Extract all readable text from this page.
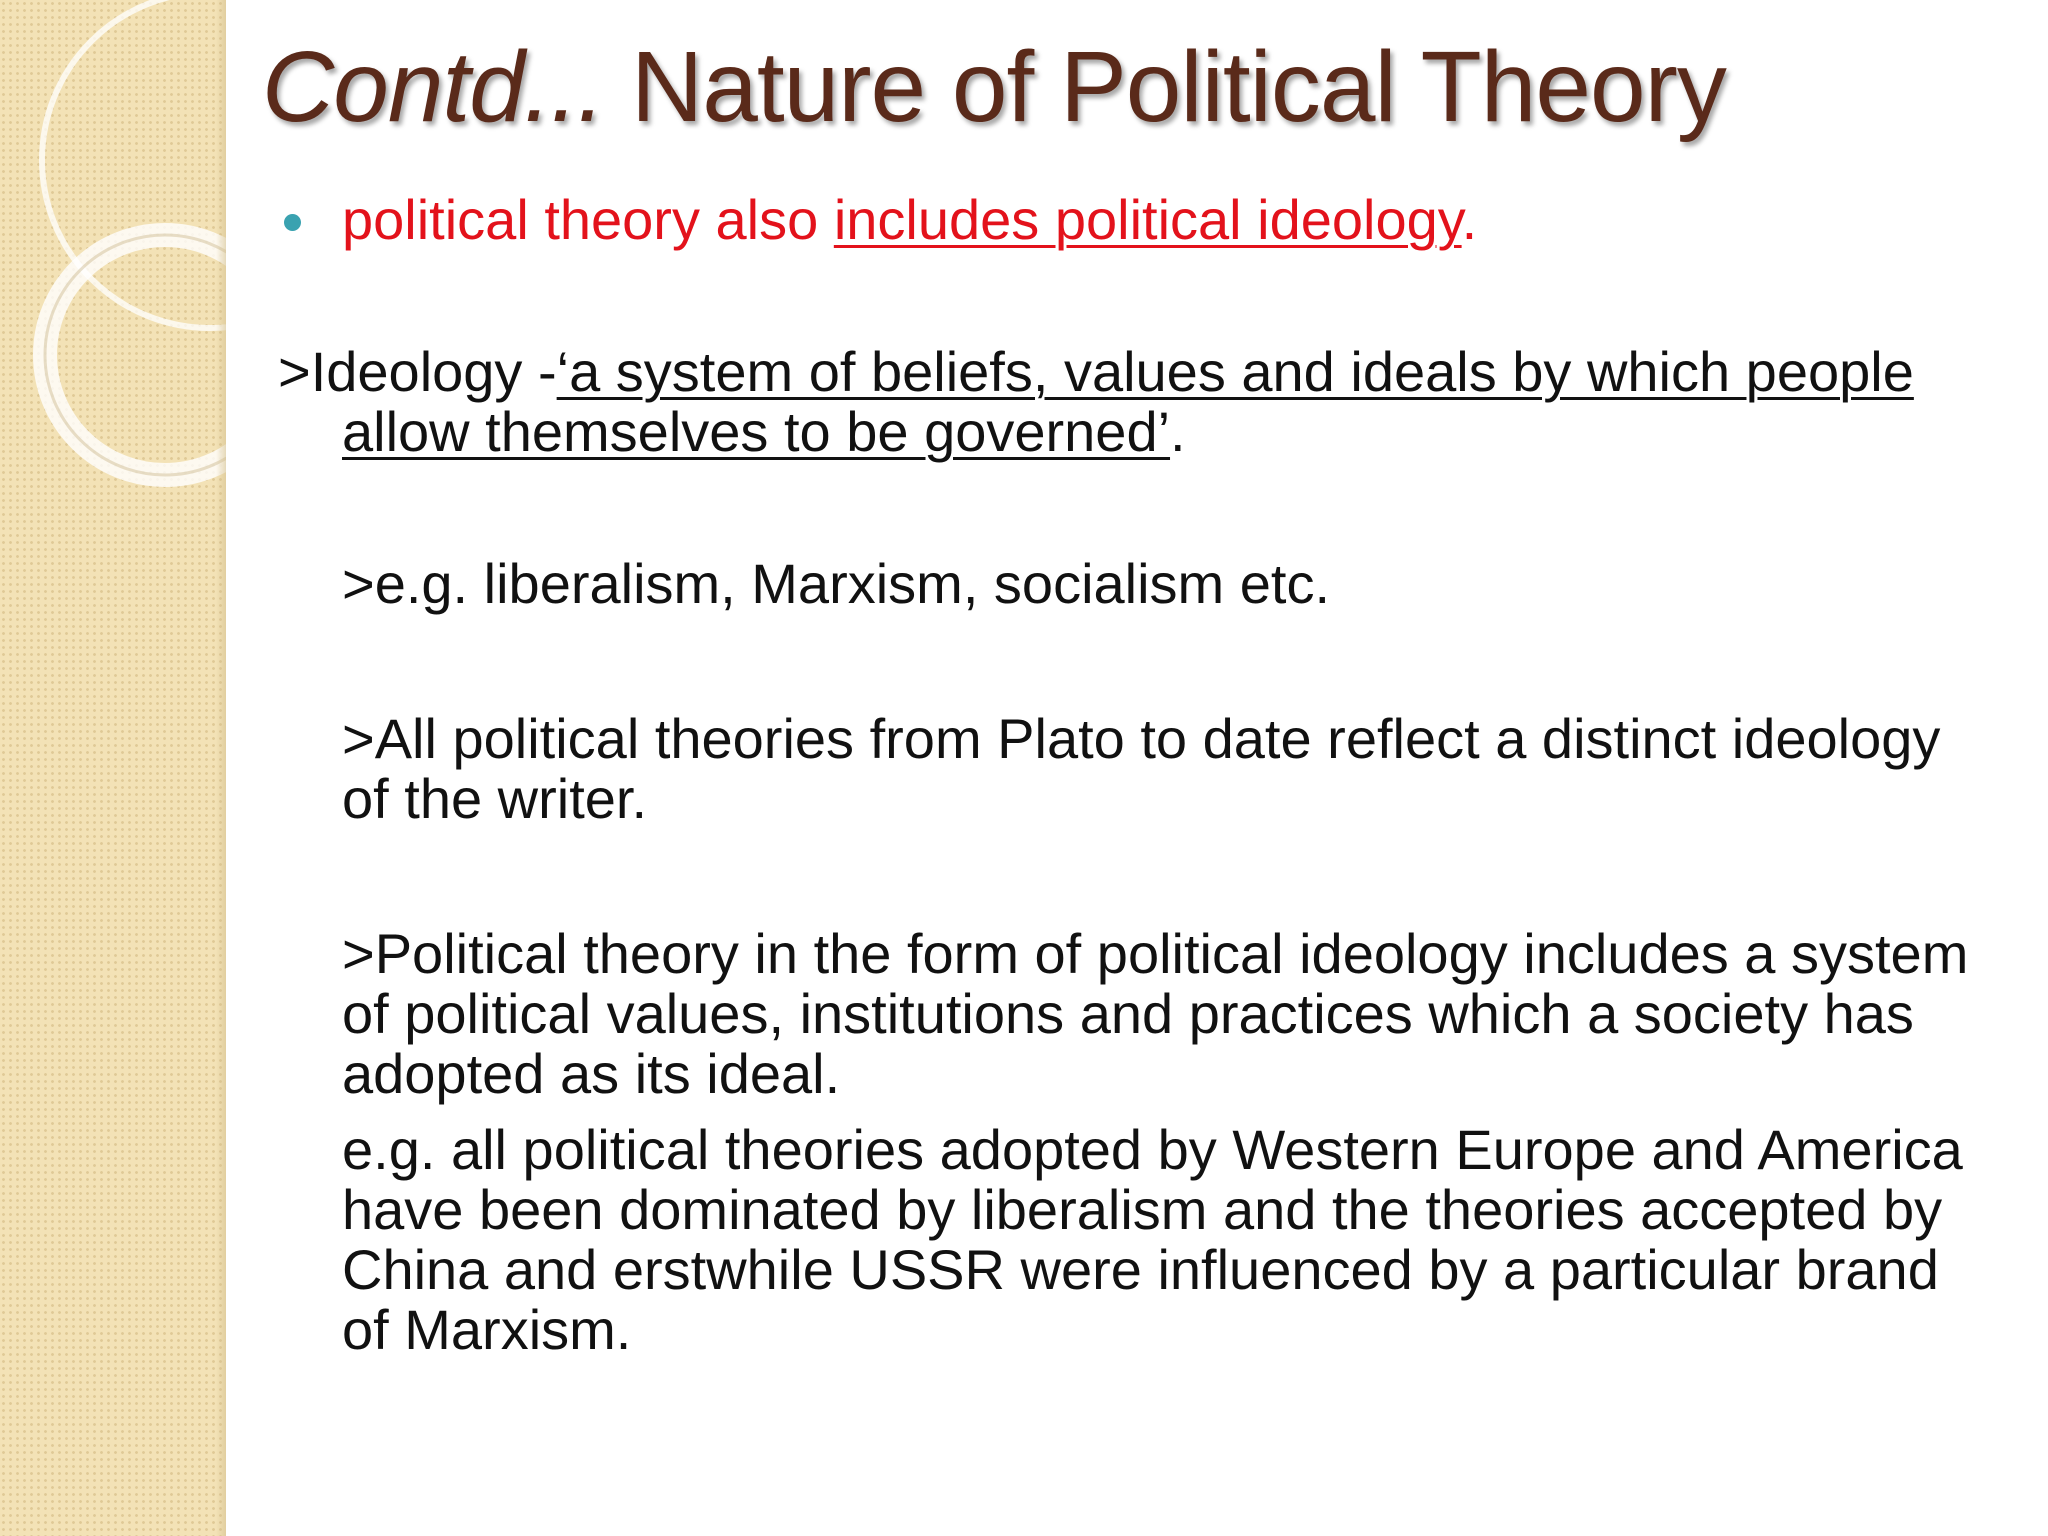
Contd... Nature of Political Theory

political theory also includes political ideology.

>Ideology -‘a system of beliefs, values and ideals by which people allow themselves to be governed’.

>e.g. liberalism, Marxism, socialism etc.

>All political theories from Plato to date reflect a distinct ideology of the writer.

>Political theory in the form of political ideology includes a system of political values, institutions and practices which a society has adopted as its ideal.

e.g. all political theories adopted by Western Europe and America have been dominated by liberalism and the theories accepted by China and erstwhile USSR were influenced by a particular brand of Marxism.
